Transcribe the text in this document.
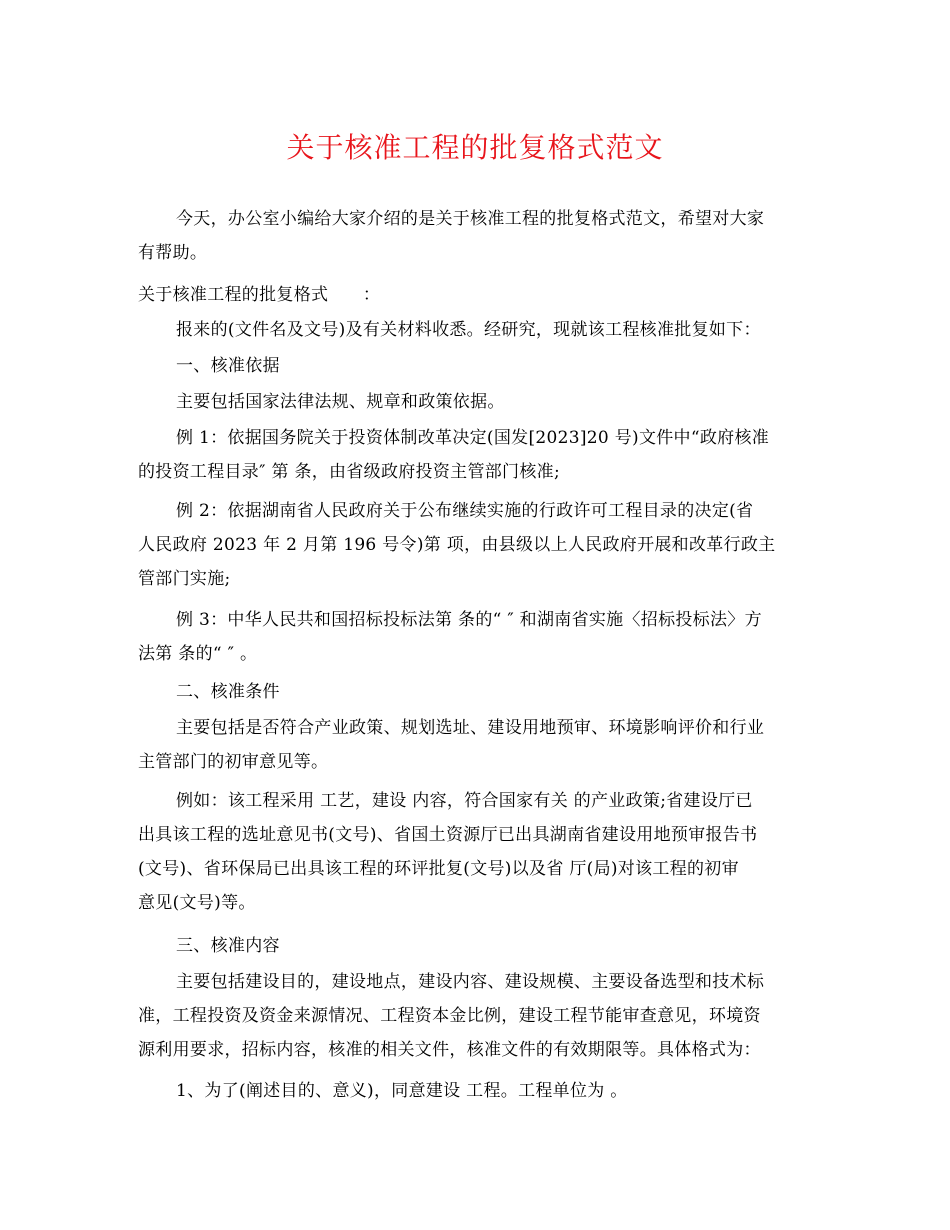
关于核准工程的批复格式范文

今天，办公室小编给大家介绍的是关于核准工程的批复格式范文，希望对大家
有帮助。

关于核准工程的批复格式　　：

报来的(文件名及文号)及有关材料收悉。经研究，现就该工程核准批复如下：

一、核准依据

主要包括国家法律法规、规章和政策依据。

例 1：依据国务院关于投资体制改革决定(国发[2023]20 号)文件中“政府核准
的投资工程目录″ 第 条，由省级政府投资主管部门核准;

例 2：依据湖南省人民政府关于公布继续实施的行政许可工程目录的决定(省
人民政府 2023 年 2 月第 196 号令)第 项，由县级以上人民政府开展和改革行政主
管部门实施;

例 3：中华人民共和国招标投标法第 条的“ ″ 和湖南省实施〈招标投标法〉方
法第 条的“ ″ 。

二、核准条件

主要包括是否符合产业政策、规划选址、建设用地预审、环境影响评价和行业
主管部门的初审意见等。

例如：该工程采用 工艺，建设 内容，符合国家有关 的产业政策;省建设厅已
出具该工程的选址意见书(文号)、省国土资源厅已出具湖南省建设用地预审报告书
(文号)、省环保局已出具该工程的环评批复(文号)以及省 厅(局)对该工程的初审
意见(文号)等。

三、核准内容

主要包括建设目的，建设地点，建设内容、建设规模、主要设备选型和技术标
准，工程投资及资金来源情况、工程资本金比例，建设工程节能审查意见，环境资
源利用要求，招标内容，核准的相关文件，核准文件的有效期限等。具体格式为：

1、为了(阐述目的、意义)，同意建设 工程。工程单位为 。
